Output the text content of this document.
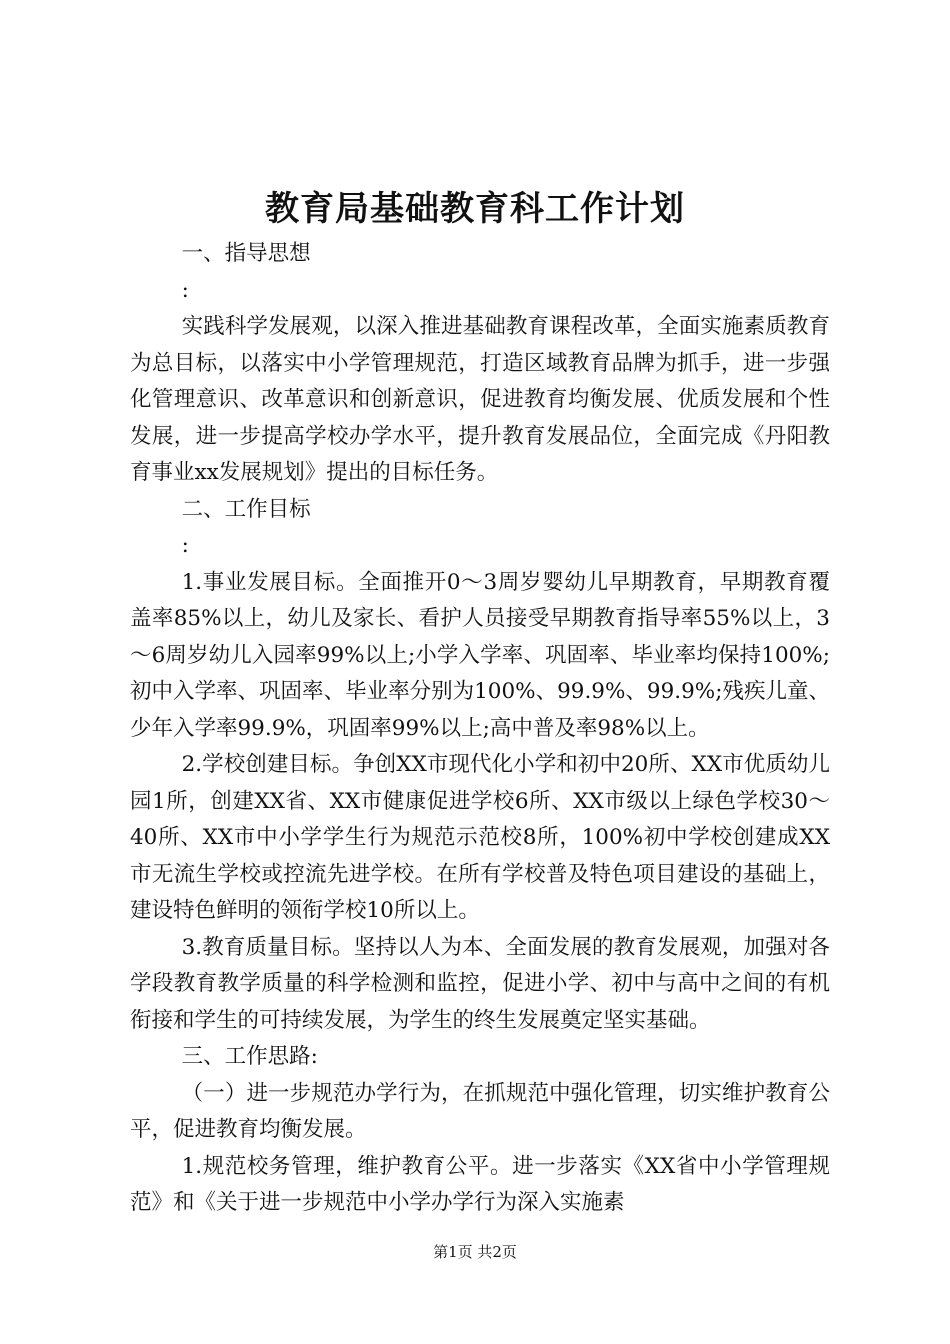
教育局基础教育科工作计划

一、指导思想

:

实践科学发展观，以深入推进基础教育课程改革，全面实施素质教育为总目标，以落实中小学管理规范，打造区域教育品牌为抓手，进一步强化管理意识、改革意识和创新意识，促进教育均衡发展、优质发展和个性发展，进一步提高学校办学水平，提升教育发展品位，全面完成《丹阳教育事业xx发展规划》提出的目标任务。

二、工作目标

:

1.事业发展目标。全面推开0～3周岁婴幼儿早期教育，早期教育覆盖率85%以上，幼儿及家长、看护人员接受早期教育指导率55%以上，3～6周岁幼儿入园率99%以上;小学入学率、巩固率、毕业率均保持100%;初中入学率、巩固率、毕业率分别为100%、99.9%、99.9%;残疾儿童、少年入学率99.9%，巩固率99%以上;高中普及率98%以上。

2.学校创建目标。争创XX市现代化小学和初中20所、XX市优质幼儿园1所，创建XX省、XX市健康促进学校6所、XX市级以上绿色学校30～40所、XX市中小学学生行为规范示范校8所，100%初中学校创建成XX市无流生学校或控流先进学校。在所有学校普及特色项目建设的基础上，建设特色鲜明的领衔学校10所以上。

3.教育质量目标。坚持以人为本、全面发展的教育发展观，加强对各学段教育教学质量的科学检测和监控，促进小学、初中与高中之间的有机衔接和学生的可持续发展，为学生的终生发展奠定坚实基础。

三、工作思路:

（一）进一步规范办学行为，在抓规范中强化管理，切实维护教育公平，促进教育均衡发展。

1.规范校务管理，维护教育公平。进一步落实《XX省中小学管理规范》和《关于进一步规范中小学办学行为深入实施素

第1页 共2页
